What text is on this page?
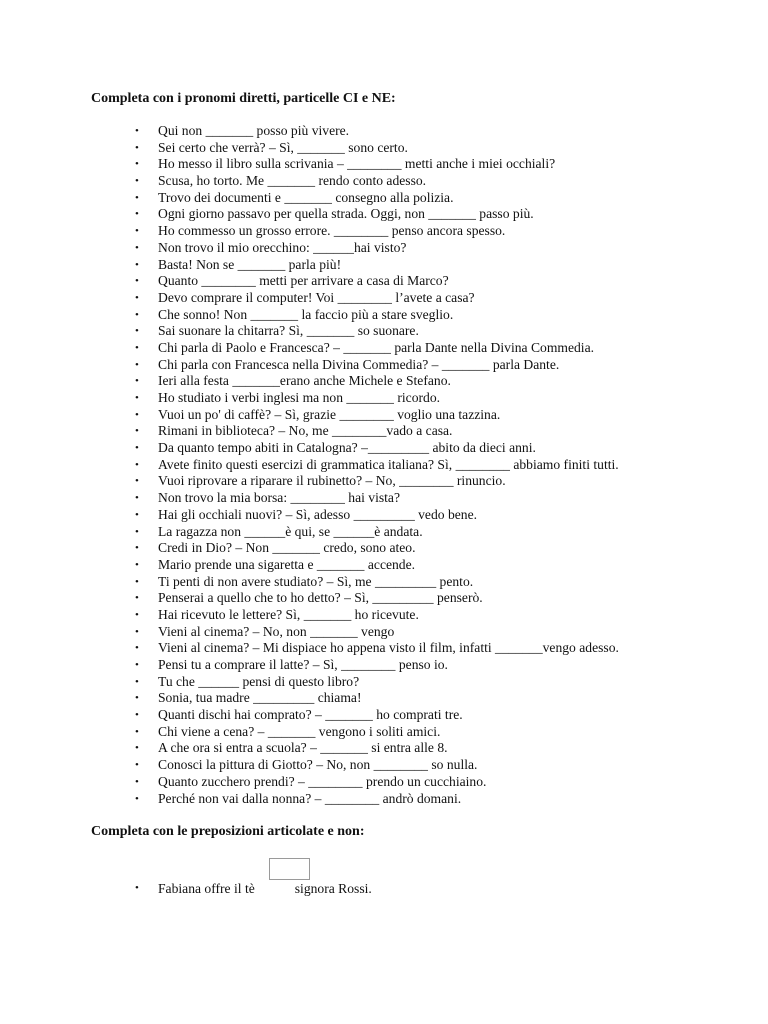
Completa con i pronomi diretti, particelle CI e NE:
• Qui non _______ posso più vivere.
• Sei certo che verrà? – Sì, _______ sono certo.
• Ho messo il libro sulla scrivania – ________ metti anche i miei occhiali?
• Scusa, ho torto. Me _______ rendo conto adesso.
• Trovo dei documenti e _______ consegno alla polizia.
• Ogni giorno passavo per quella strada. Oggi, non _______ passo più.
• Ho commesso un grosso errore. ________ penso ancora spesso.
• Non trovo il mio orecchino: ______hai visto?
• Basta! Non se _______ parla più!
• Quanto ________ metti per arrivare a casa di Marco?
• Devo comprare il computer! Voi ________ l’avete a casa?
• Che sonno! Non _______ la faccio più a stare sveglio.
• Sai suonare la chitarra? Sì, _______ so suonare.
• Chi parla di Paolo e Francesca? – _______ parla Dante nella Divina Commedia.
• Chi parla con Francesca nella Divina Commedia? – _______ parla Dante.
• Ieri alla festa _______erano anche Michele e Stefano.
• Ho studiato i verbi inglesi ma non _______ ricordo.
• Vuoi un po' di caffè? – Sì, grazie ________ voglio una tazzina.
• Rimani in biblioteca? – No, me ________vado a casa.
• Da quanto tempo abiti in Catalogna? –_________ abito da dieci anni.
• Avete finito questi esercizi di grammatica italiana? Sì, ________ abbiamo finiti tutti.
• Vuoi riprovare a riparare il rubinetto? – No, ________ rinuncio.
• Non trovo la mia borsa: ________ hai vista?
• Hai gli occhiali nuovi? – Sì, adesso _________ vedo bene.
• La ragazza non ______è qui, se ______è andata.
• Credi in Dio? – Non _______ credo, sono ateo.
• Mario prende una sigaretta e _______ accende.
• Ti penti di non avere studiato? – Sì, me _________ pento.
• Penserai a quello che to ho detto? – Sì, _________ penserò.
• Hai ricevuto le lettere? Sì, _______ ho ricevute.
• Vieni al cinema? – No, non _______ vengo
• Vieni al cinema? – Mi dispiace ho appena visto il film, infatti _______vengo adesso.
• Pensi tu a comprare il latte? – Sì, ________ penso io.
• Tu che ______ pensi di questo libro?
• Sonia, tua madre _________ chiama!
• Quanti dischi hai comprato? – _______ ho comprati tre.
• Chi viene a cena? – _______ vengono i soliti amici.
• A che ora si entra a scuola? – _______ si entra alle 8.
• Conosci la pittura di Giotto? – No, non ________ so nulla.
• Quanto zucchero prendi? – ________ prendo un cucchiaino.
• Perché non vai dalla nonna? – ________ andrò domani.
Completa con le preposizioni articolate e non:
• Fabiana offre il tè	signora Rossi.
